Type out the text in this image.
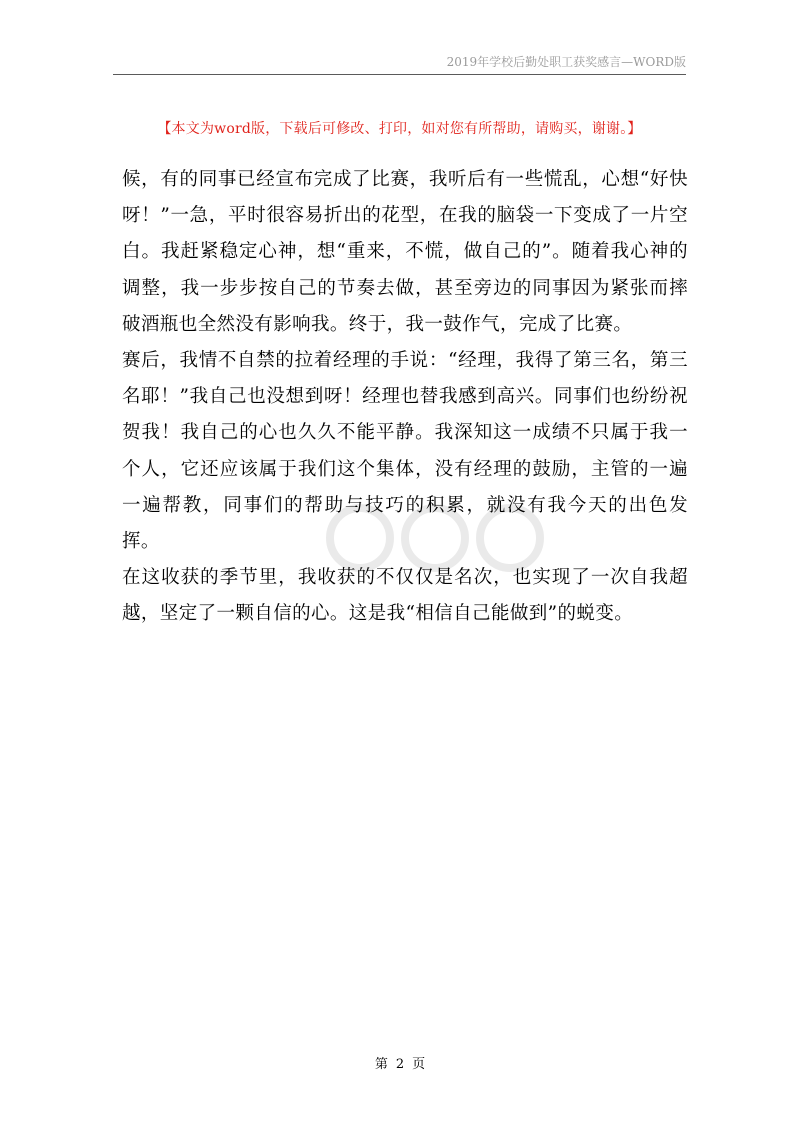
2019年学校后勤处职工获奖感言—WORD版
【本文为word版，下载后可修改、打印，如对您有所帮助，请购买，谢谢。】

候，有的同事已经宣布完成了比赛，我听后有一些慌乱，心想“好快呀！”一急，平时很容易折出的花型，在我的脑袋一下变成了一片空白。我赶紧稳定心神，想“重来，不慌，做自己的”。随着我心神的调整，我一步步按自己的节奏去做，甚至旁边的同事因为紧张而摔破酒瓶也全然没有影响我。终于，我一鼓作气，完成了比赛。

赛后，我情不自禁的拉着经理的手说：“经理，我得了第三名，第三名耶！”我自己也没想到呀！经理也替我感到高兴。同事们也纷纷祝贺我！我自己的心也久久不能平静。我深知这一成绩不只属于我一个人，它还应该属于我们这个集体，没有经理的鼓励，主管的一遍一遍帮教，同事们的帮助与技巧的积累，就没有我今天的出色发挥。

在这收获的季节里，我收获的不仅仅是名次，也实现了一次自我超越，坚定了一颗自信的心。这是我“相信自己能做到”的蜕变。

第 2 页
